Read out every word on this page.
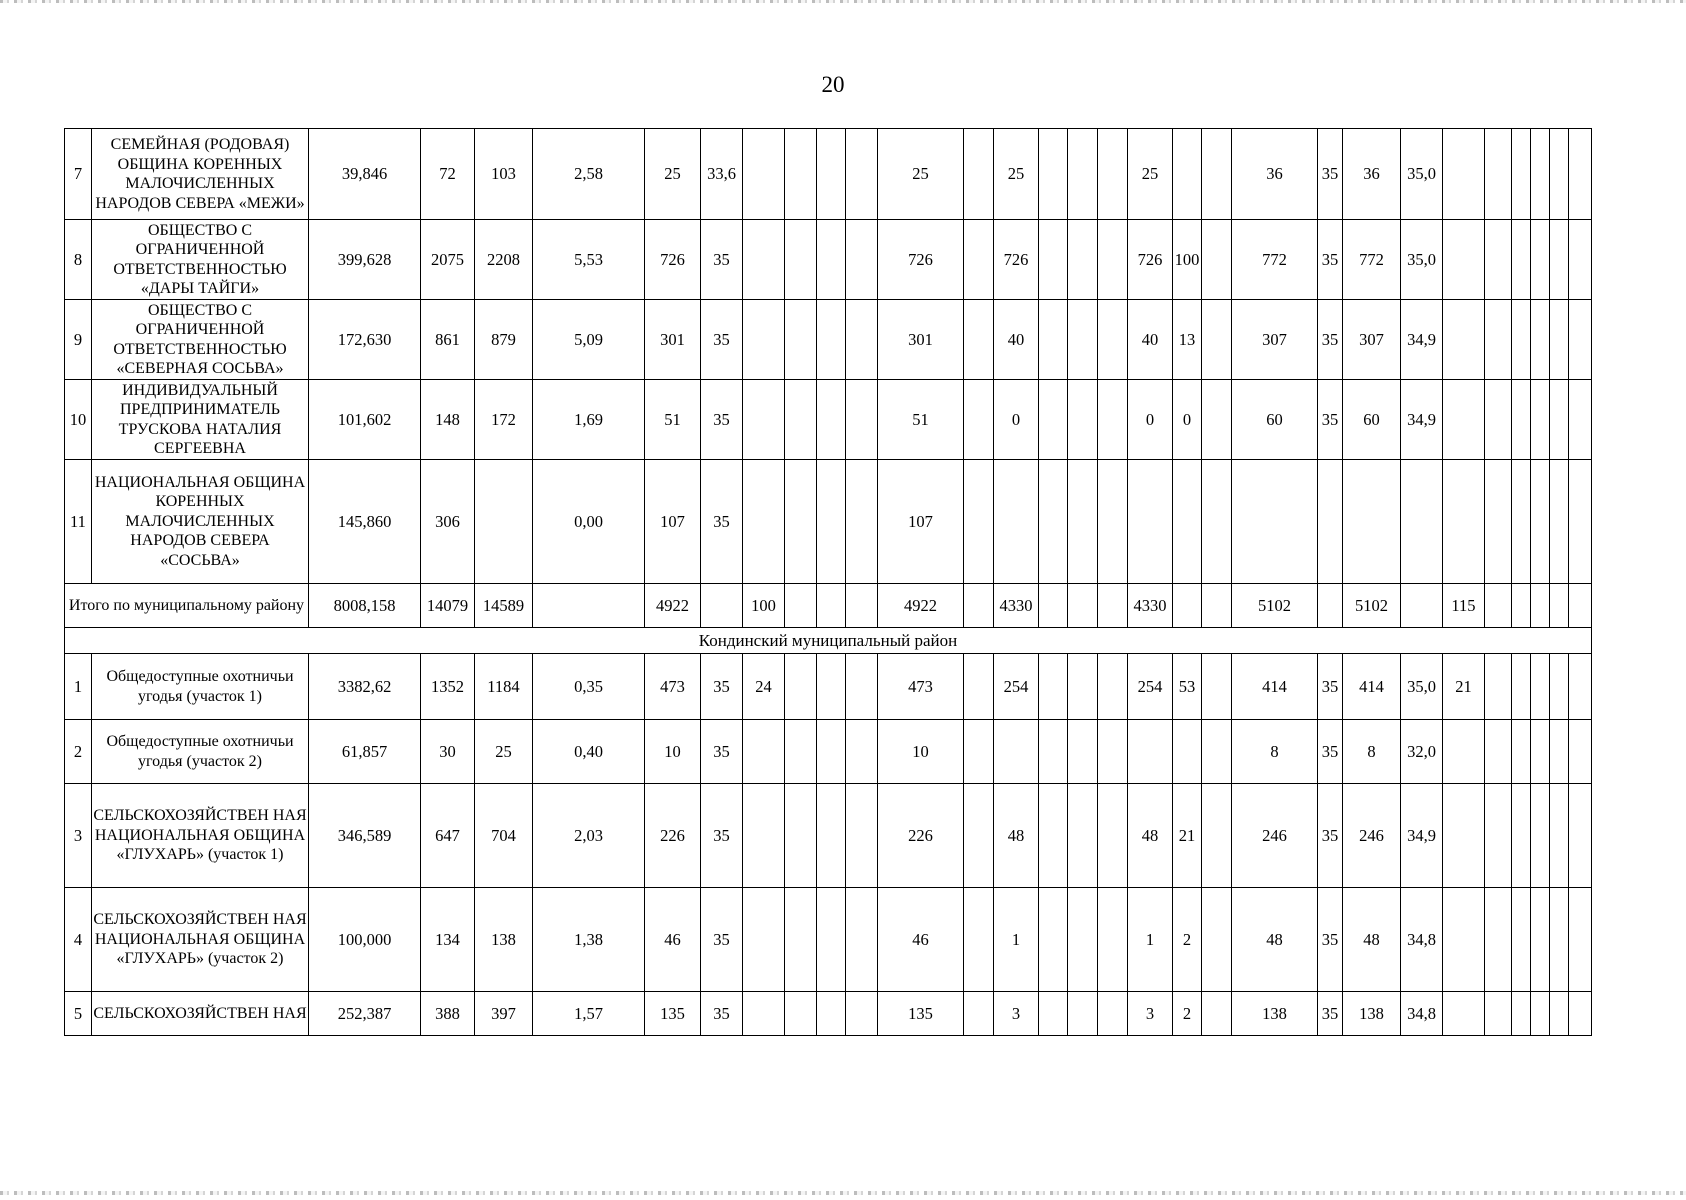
20
7	СЕМЕЙНАЯ (РОДОВАЯ) ОБЩИНА КОРЕННЫХ МАЛОЧИСЛЕННЫХ НАРОДОВ СЕВЕРА «МЕЖИ»	39,846	72	103	2,58	25	33,6					25		25				25			36	35	36	35,0						
8	ОБЩЕСТВО С ОГРАНИЧЕННОЙ ОТВЕТСТВЕННОСТЬЮ «ДАРЫ ТАЙГИ»	399,628	2075	2208	5,53	726	35					726		726				726	100		772	35	772	35,0						
9	ОБЩЕСТВО С ОГРАНИЧЕННОЙ ОТВЕТСТВЕННОСТЬЮ «СЕВЕРНАЯ СОСЬВА»	172,630	861	879	5,09	301	35					301		40				40	13		307	35	307	34,9						
10	ИНДИВИДУАЛЬНЫЙ ПРЕДПРИНИМАТЕЛЬ ТРУСКОВА НАТАЛИЯ СЕРГЕЕВНА	101,602	148	172	1,69	51	35					51		0				0	0		60	35	60	34,9						
11	НАЦИОНАЛЬНАЯ ОБЩИНА КОРЕННЫХ МАЛОЧИСЛЕННЫХ НАРОДОВ СЕВЕРА «СОСЬВА»	145,860	306		0,00	107	35					107																		
Итого по муниципальному району		8008,158	14079	14589		4922		100				4922		4330				4330			5102		5102		115					
Кондинский муниципальный район																														
1	Общедоступные охотничьи угодья (участок 1)	3382,62	1352	1184	0,35	473	35	24				473		254				254	53		414	35	414	35,0	21					
2	Общедоступные охотничьи угодья (участок 2)	61,857	30	25	0,40	10	35					10									8	35	8	32,0						
3	СЕЛЬСКОХОЗЯЙСТВЕН НАЯ НАЦИОНАЛЬНАЯ ОБЩИНА «ГЛУХАРЬ» (участок 1)	346,589	647	704	2,03	226	35					226		48				48	21		246	35	246	34,9						
4	СЕЛЬСКОХОЗЯЙСТВЕН НАЯ НАЦИОНАЛЬНАЯ ОБЩИНА «ГЛУХАРЬ» (участок 2)	100,000	134	138	1,38	46	35					46		1				1	2		48	35	48	34,8						
5	СЕЛЬСКОХОЗЯЙСТВЕН НАЯ	252,387	388	397	1,57	135	35					135		3				3	2		138	35	138	34,8						
